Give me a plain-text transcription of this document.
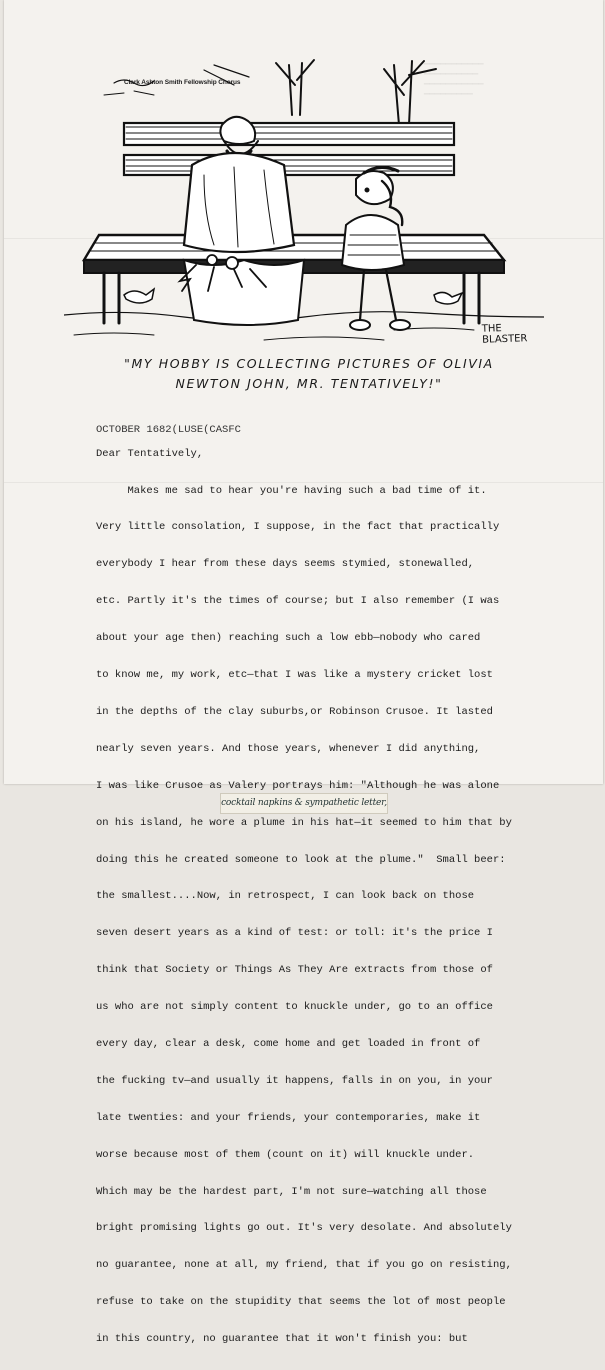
━━━━━━━━━━━
━━━━━━━━━━
━━━━━━━━━━━
━━━━━━━━━
Clark Ashton Smith Fellowship Chorus
THE
BLASTER
"MY HOBBY IS COLLECTING PICTURES OF OLIVIA
NEWTON JOHN, MR. TENTATIVELY!"
OCTOBER 1682(LUSE(CASFC
Dear Tentatively,

Makes me sad to hear you're having such a bad time of it.

Very little consolation, I suppose, in the fact that practically

everybody I hear from these days seems stymied, stonewalled,

etc. Partly it's the times of course; but I also remember (I was

about your age then) reaching such a low ebb—nobody who cared

to know me, my work, etc—that I was like a mystery cricket lost

in the depths of the clay suburbs,or Robinson Crusoe. It lasted

nearly seven years. And those years, whenever I did anything,

I was like Crusoe as Valery portrays him: "Although he was alone

on his island, he wore a plume in his hat—it seemed to him that by

doing this he created someone to look at the plume."  Small beer:

the smallest....Now, in retrospect, I can look back on those

seven desert years as a kind of test: or toll: it's the price I

think that Society or Things As They Are extracts from those of

us who are not simply content to knuckle under, go to an office

every day, clear a desk, come home and get loaded in front of

the fucking tv—and usually it happens, falls in on you, in your

late twenties: and your friends, your contemporaries, make it

worse because most of them (count on it) will knuckle under.

Which may be the hardest part, I'm not sure—watching all those

bright promising lights go out. It's very desolate. And absolutely

no guarantee, none at all, my friend, that if you go on resisting,

refuse to take on the stupidity that seems the lot of most people

in this country, no guarantee that it won't finish you: but

cocktail napkins & sympathetic letter,
